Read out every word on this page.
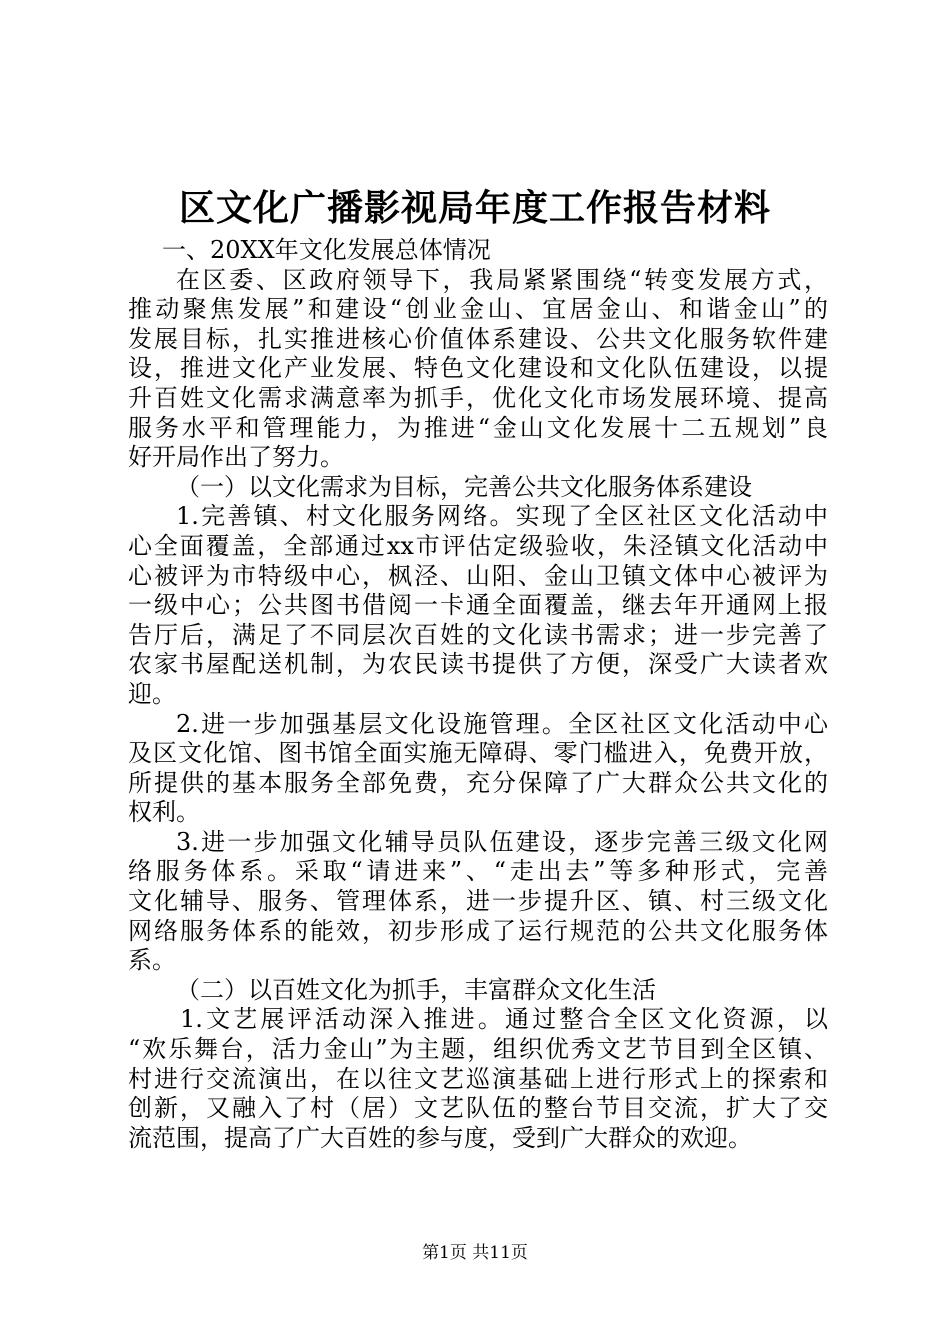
区文化广播影视局年度工作报告材料
一、20XX年文化发展总体情况
在区委、区政府领导下，我局紧紧围绕“转变发展方式，
推动聚焦发展”和建设“创业金山、宜居金山、和谐金山”的
发展目标，扎实推进核心价值体系建设、公共文化服务软件建
设，推进文化产业发展、特色文化建设和文化队伍建设，以提
升百姓文化需求满意率为抓手，优化文化市场发展环境、提高
服务水平和管理能力，为推进“金山文化发展十二五规划”良
好开局作出了努力。
（一）以文化需求为目标，完善公共文化服务体系建设
1.完善镇、村文化服务网络。实现了全区社区文化活动中
心全面覆盖，全部通过xx市评估定级验收，朱泾镇文化活动中
心被评为市特级中心，枫泾、山阳、金山卫镇文体中心被评为
一级中心；公共图书借阅一卡通全面覆盖，继去年开通网上报
告厅后，满足了不同层次百姓的文化读书需求；进一步完善了
农家书屋配送机制，为农民读书提供了方便，深受广大读者欢
迎。
2.进一步加强基层文化设施管理。全区社区文化活动中心
及区文化馆、图书馆全面实施无障碍、零门槛进入，免费开放，
所提供的基本服务全部免费，充分保障了广大群众公共文化的
权利。
3.进一步加强文化辅导员队伍建设，逐步完善三级文化网
络服务体系。采取“请进来”、“走出去”等多种形式，完善
文化辅导、服务、管理体系，进一步提升区、镇、村三级文化
网络服务体系的能效，初步形成了运行规范的公共文化服务体
系。
（二）以百姓文化为抓手，丰富群众文化生活
1.文艺展评活动深入推进。通过整合全区文化资源，以
“欢乐舞台，活力金山”为主题，组织优秀文艺节目到全区镇、
村进行交流演出，在以往文艺巡演基础上进行形式上的探索和
创新，又融入了村（居）文艺队伍的整台节目交流，扩大了交
流范围，提高了广大百姓的参与度，受到广大群众的欢迎。
第1页 共11页
